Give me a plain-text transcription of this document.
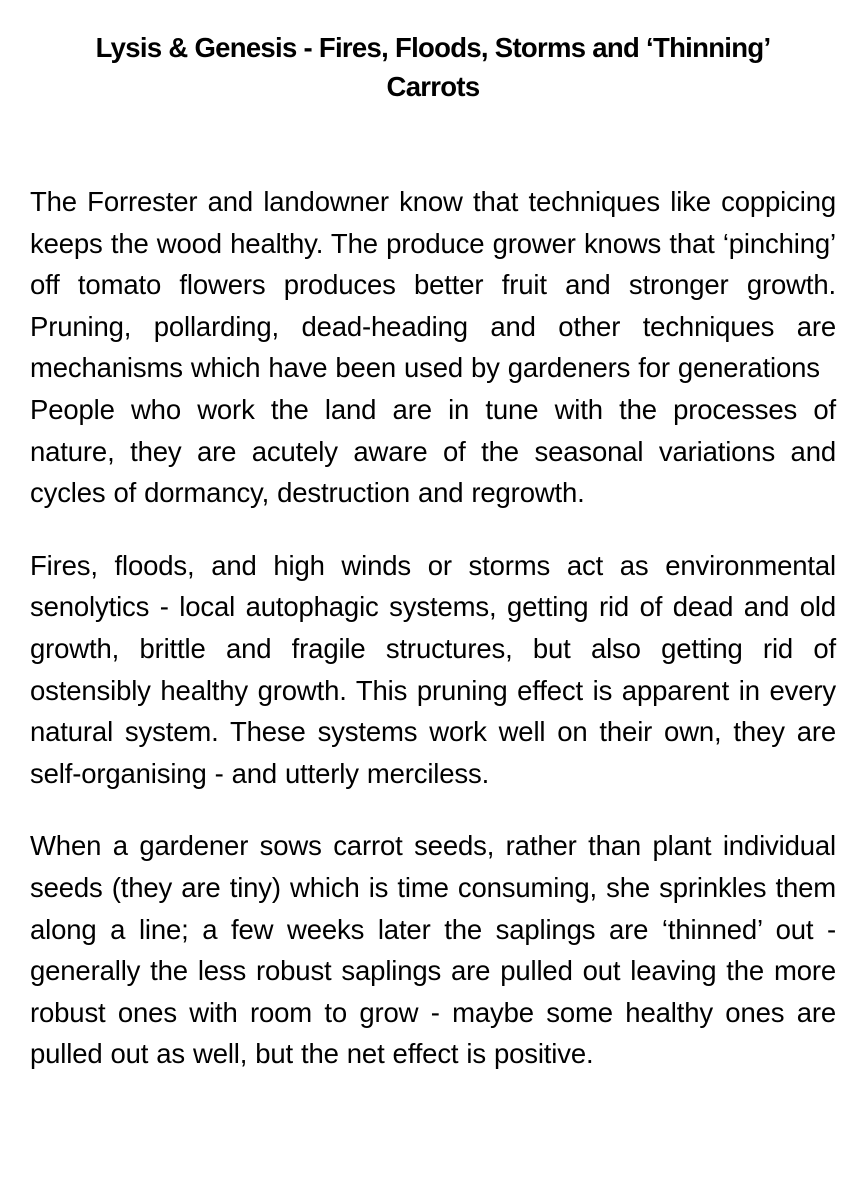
Lysis & Genesis - Fires, Floods, Storms and ‘Thinning’ Carrots

The Forrester and landowner know that techniques like coppicing keeps the wood healthy. The produce grower knows that ‘pinching’ off tomato flowers produces better fruit and stronger growth. Pruning, pollarding, dead-heading and other techniques are mechanisms which have been used by gardeners for generations

People who work the land are in tune with the processes of nature, they are acutely aware of the seasonal variations and cycles of dormancy, destruction and regrowth.

Fires, floods, and high winds or storms act as environmental senolytics - local autophagic systems, getting rid of dead and old growth, brittle and fragile structures, but also getting rid of ostensibly healthy growth. This pruning effect is apparent in every natural system. These systems work well on their own, they are self-organising - and utterly merciless.

When a gardener sows carrot seeds, rather than plant individual seeds (they are tiny) which is time consuming, she sprinkles them along a line; a few weeks later the saplings are ‘thinned’ out - generally the less robust saplings are pulled out leaving the more robust ones with room to grow - maybe some healthy ones are pulled out as well, but the net effect is positive.
